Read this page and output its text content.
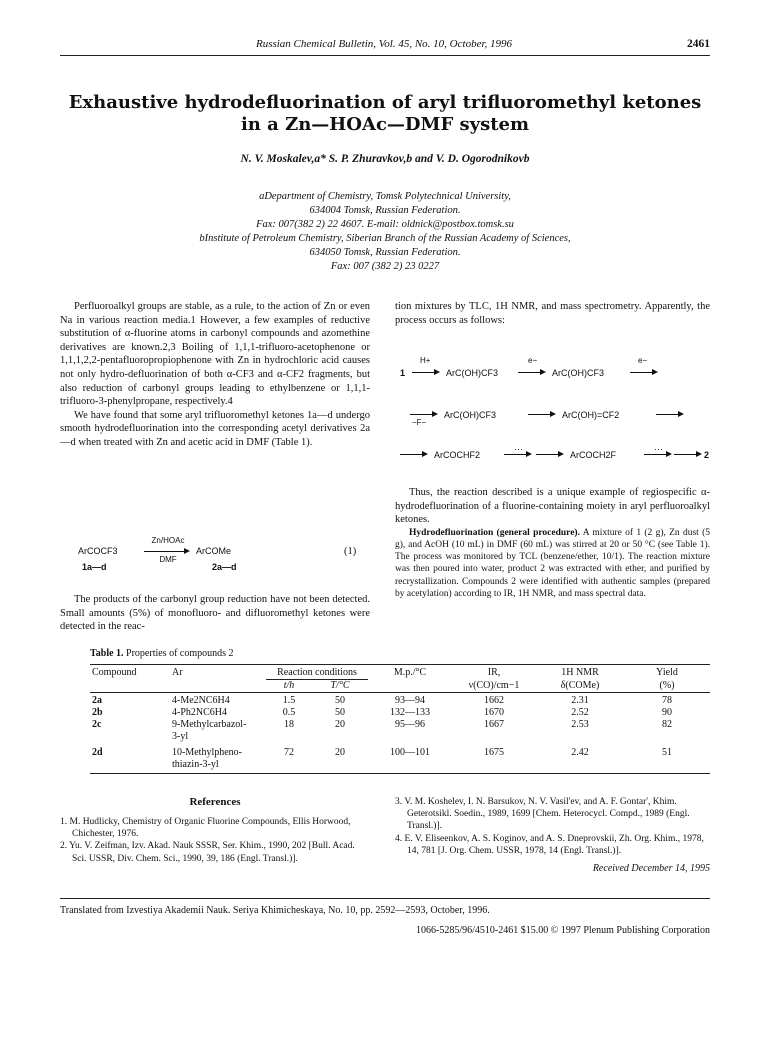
Russian Chemical Bulletin, Vol. 45, No. 10, October, 1996	2461
Exhaustive hydrodefluorination of aryl trifluoromethyl ketones
in a Zn—HOAc—DMF system
N. V. Moskalev,a* S. P. Zhuravkov,b and V. D. Ogorodnikovb
aDepartment of Chemistry, Tomsk Polytechnical University,
634004 Tomsk, Russian Federation.
Fax: 007(382 2) 22 4607. E-mail: oldnick@postbox.tomsk.su
bInstitute of Petroleum Chemistry, Siberian Branch of the Russian Academy of Sciences,
634050 Tomsk, Russian Federation.
Fax: 007 (382 2) 23 0227

Perfluoroalkyl groups are stable, as a rule, to the action of Zn or even Na in various reaction media.1 However, a few examples of reductive substitution of α-fluorine atoms in carbonyl compounds and azomethine derivatives are known.2,3 Boiling of 1,1,1-trifluoro-acetophenone or 1,1,1,2,2-pentafluoropropiophenone with Zn in hydrochloric acid causes not only hydro-defluorination of both α-CF3 and α-CF2 fragments, but also reduction of carbonyl groups leading to ethylbenzene or 1,1,1-trifluoro-3-phenylpropane, respectively.4

We have found that some aryl trifluoromethyl ketones 1a—d undergo smooth hydrodefluorination into the corresponding acetyl derivatives 2a—d when treated with Zn and acetic acid in DMF (Table 1).

ArCOCF3
Zn/HOAc
DMF
ArCOMe	(1)
1a—d	2a—d

The products of the carbonyl group reduction have not been detected. Small amounts (5%) of monofluoro- and difluoromethyl ketones were detected in the reac-

tion mixtures by TLC, 1H NMR, and mass spectrometry. Apparently, the process occurs as follows:

1
H+
ArC(OH)CF3
e−
ArC(OH)CF3
e−
−F−
ArC(OH)CF3	ArC(OH)=CF2
ArCOCHF2
···
ArCOCH2F
···
2

Thus, the reaction described is a unique example of regiospecific α-hydrodefluorination of a fluorine-containing moiety in aryl perfluoroalkyl ketones.

Hydrodefluorination (general procedure). A mixture of 1 (2 g), Zn dust (5 g), and AcOH (10 mL) in DMF (60 mL) was stirred at 20 or 50 °C (see Table 1). The process was monitored by TCL (benzene/ether, 10/1). The reaction mixture was then poured into water, product 2 was extracted with ether, and purified by recrystallization. Compounds 2 were identified with authentic samples (prepared by acetylation) according to IR, 1H NMR, and mass spectral data.

Table 1. Properties of compounds 2
Compound	Ar	Reaction conditions		M.p./°C	IR,	1H NMR	Yield
		t/h	T/°C		ν(CO)/cm−1	δ(COMe)	(%)

2a	4-Me2NC6H4	1.5	50	93—94	1662	2.31	78
2b	4-Ph2NC6H4	0.5	50	132—133	1670	2.52	90
2c	9-Methylcarbazol-
3-yl	18	20	95—96	1667	2.53	82
2d	10-Methylpheno-
thiazin-3-yl	72	20	100—101	1675	2.42	51

References

1. M. Hudlicky, Chemistry of Organic Fluorine Compounds, Ellis Horwood, Chichester, 1976.

2. Yu. V. Zeifman, Izv. Akad. Nauk SSSR, Ser. Khim., 1990, 202 [Bull. Acad. Sci. USSR, Div. Chem. Sci., 1990, 39, 186 (Engl. Transl.)].

3. V. M. Koshelev, I. N. Barsukov, N. V. Vasil'ev, and A. F. Gontar', Khim. Geterotsikl. Soedin., 1989, 1699 [Chem. Heterocycl. Compd., 1989 (Engl. Transl.)].

4. E. V. Eliseenkov, A. S. Koginov, and A. S. Dneprovskii, Zh. Org. Khim., 1978, 14, 781 [J. Org. Chem. USSR, 1978, 14 (Engl. Transl.)].

Received December 14, 1995
Translated from Izvestiya Akademii Nauk. Seriya Khimicheskaya, No. 10, pp. 2592—2593, October, 1996.
1066-5285/96/4510-2461 $15.00 © 1997 Plenum Publishing Corporation
